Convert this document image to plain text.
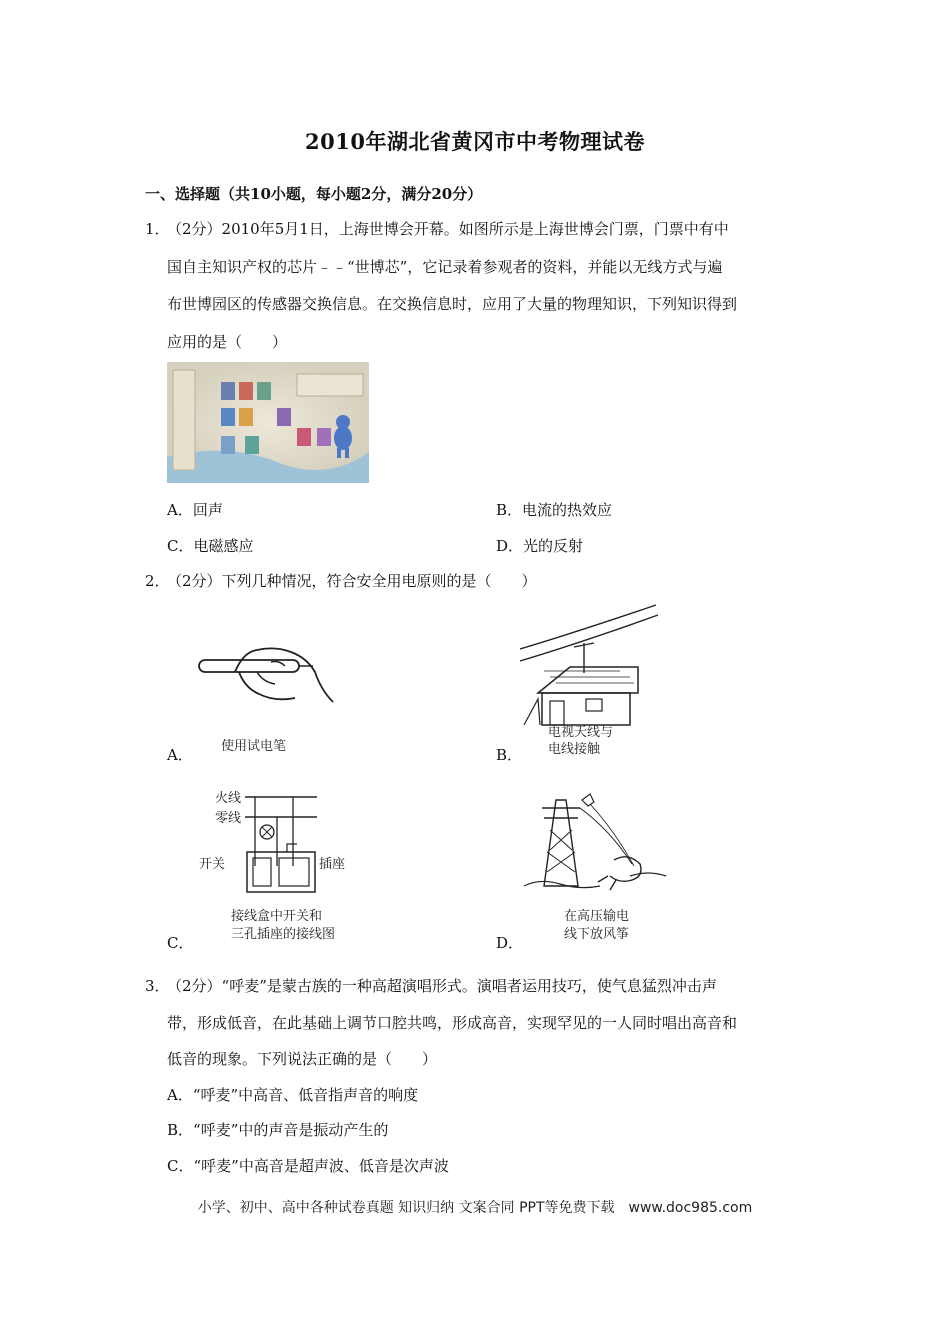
2010年湖北省黄冈市中考物理试卷
一、选择题（共10小题，每小题2分，满分20分）
1．
（2分）2010年5月1日，上海世博会开幕。如图所示是上海世博会门票，门票中有中
国自主知识产权的芯片﹣﹣“世博芯”，它记录着参观者的资料，并能以无线方式与遍
布世博园区的传感器交换信息。在交换信息时，应用了大量的物理知识，下列知识得到
应用的是（　　）
A．回声	B．电流的热效应
C．电磁感应	D．光的反射
2．
（2分）下列几种情况，符合安全用电原则的是（　　）
使用试电笔
A．
电视天线与
电线接触
B．
火线
零线
开关	插座
接线盒中开关和
三孔插座的接线图
C．
在高压输电
线下放风筝
D．
3．
（2分）“呼麦”是蒙古族的一种高超演唱形式。演唱者运用技巧，使气息猛烈冲击声
带，形成低音，在此基础上调节口腔共鸣，形成高音，实现罕见的一人同时唱出高音和
低音的现象。下列说法正确的是（　　）
A．“呼麦”中高音、低音指声音的响度
B．“呼麦”中的声音是振动产生的
C．“呼麦”中高音是超声波、低音是次声波
小学、初中、高中各种试卷真题 知识归纳 文案合同 PPT等免费下载　www.doc985.com
